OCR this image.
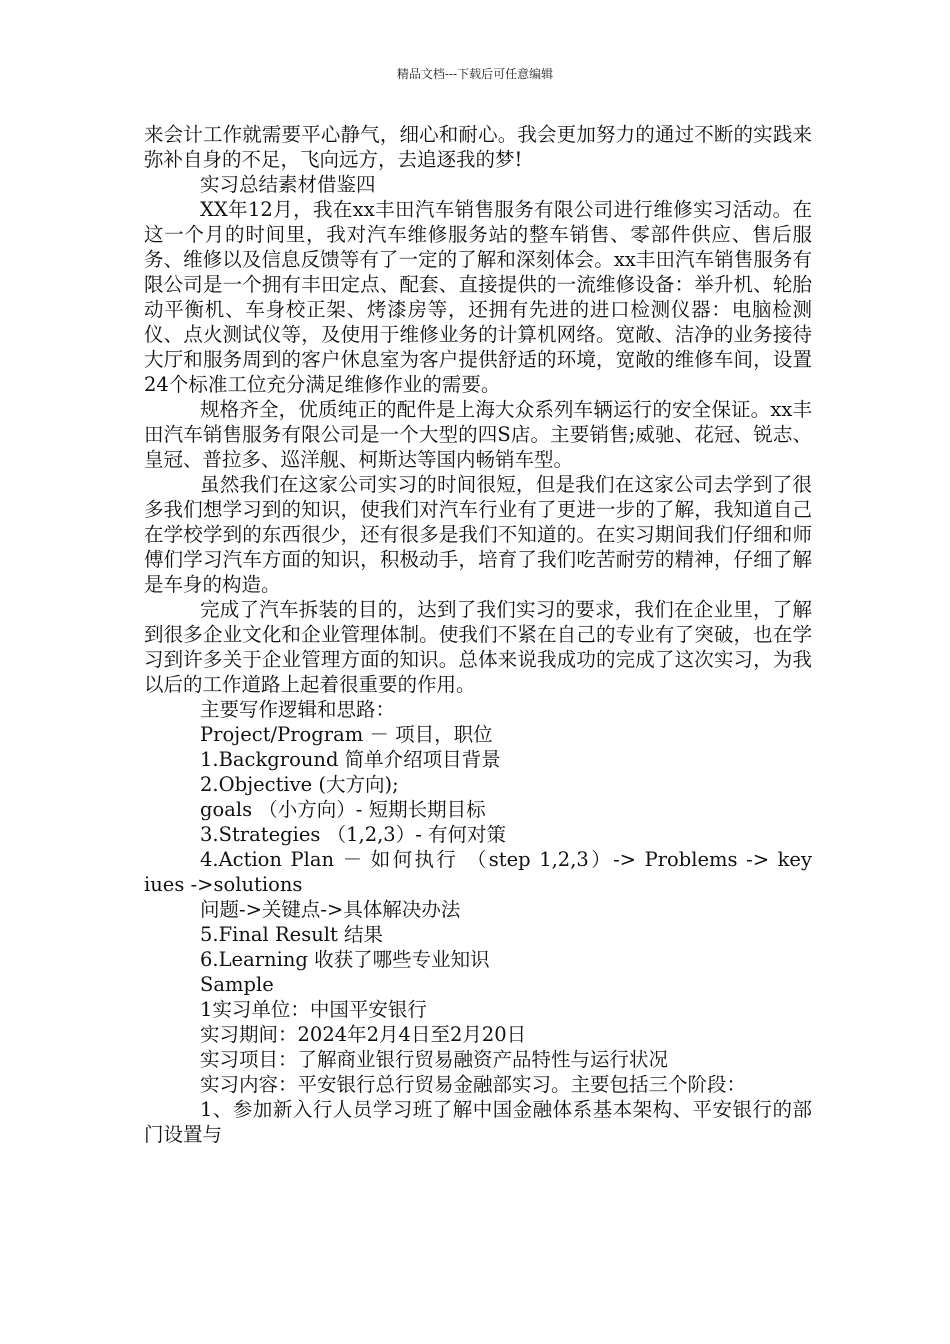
精品文档---下载后可任意编辑

来会计工作就需要平心静气，细心和耐心。我会更加努力的通过不断的实践来弥补自身的不足，飞向远方，去追逐我的梦!

实习总结素材借鉴四

XX年12月，我在xx丰田汽车销售服务有限公司进行维修实习活动。在这一个月的时间里，我对汽车维修服务站的整车销售、零部件供应、售后服务、维修以及信息反馈等有了一定的了解和深刻体会。xx丰田汽车销售服务有限公司是一个拥有丰田定点、配套、直接提供的一流维修设备：举升机、轮胎动平衡机、车身校正架、烤漆房等，还拥有先进的进口检测仪器：电脑检测仪、点火测试仪等，及使用于维修业务的计算机网络。宽敞、洁净的业务接待大厅和服务周到的客户休息室为客户提供舒适的环境，宽敞的维修车间，设置24个标准工位充分满足维修作业的需要。

规格齐全，优质纯正的配件是上海大众系列车辆运行的安全保证。xx丰田汽车销售服务有限公司是一个大型的四S店。主要销售;威驰、花冠、锐志、皇冠、普拉多、巡洋舰、柯斯达等国内畅销车型。

虽然我们在这家公司实习的时间很短，但是我们在这家公司去学到了很多我们想学习到的知识，使我们对汽车行业有了更进一步的了解，我知道自己在学校学到的东西很少，还有很多是我们不知道的。在实习期间我们仔细和师傅们学习汽车方面的知识，积极动手，培育了我们吃苦耐劳的精神，仔细了解是车身的构造。

完成了汽车拆装的目的，达到了我们实习的要求，我们在企业里，了解到很多企业文化和企业管理体制。使我们不紧在自己的专业有了突破，也在学习到许多关于企业管理方面的知识。总体来说我成功的完成了这次实习，为我以后的工作道路上起着很重要的作用。

主要写作逻辑和思路：

Project/Program － 项目，职位

1.Background 简单介绍项目背景

2.Objective (大方向);

goals （小方向）- 短期长期目标

3.Strategies （1,2,3）- 有何对策

4.Action Plan － 如何执行 （step 1,2,3）-> Problems -> key iues ->solutions

问题->关键点->具体解决办法

5.Final Result 结果

6.Learning 收获了哪些专业知识

Sample

1实习单位：中国平安银行

实习期间：2024年2月4日至2月20日

实习项目：了解商业银行贸易融资产品特性与运行状况

实习内容：平安银行总行贸易金融部实习。主要包括三个阶段：

1、参加新入行人员学习班了解中国金融体系基本架构、平安银行的部门设置与
